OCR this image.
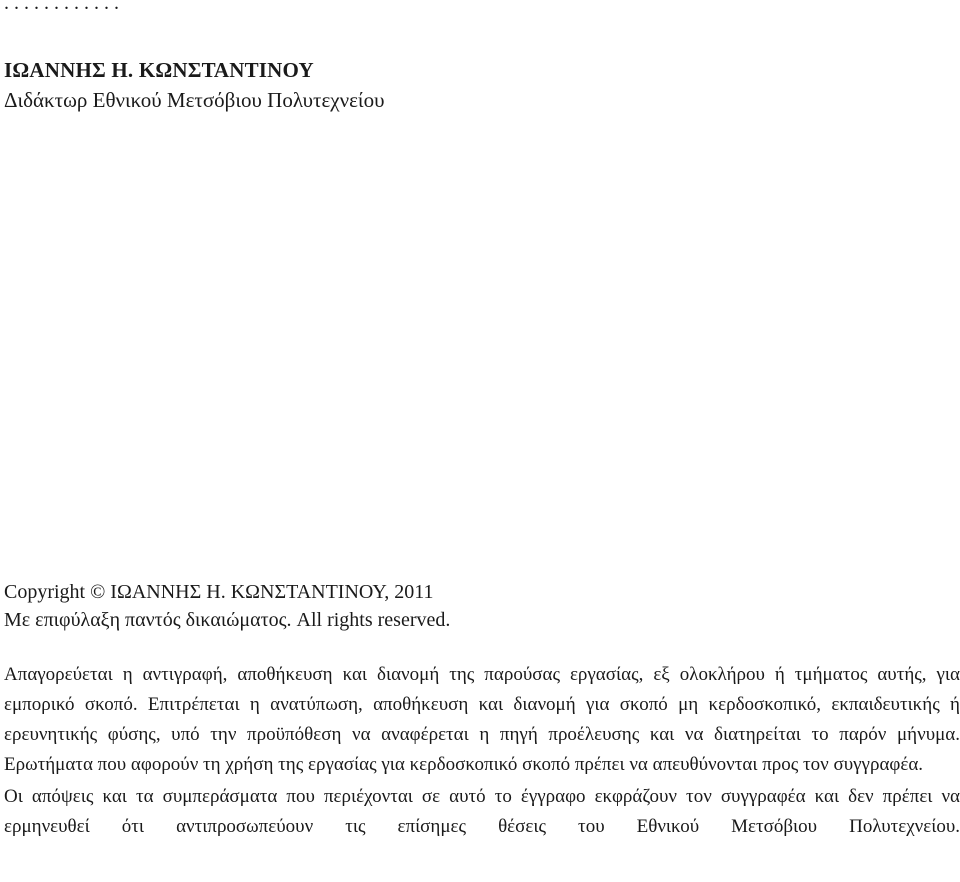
............
ΙΩΑΝΝΗΣ Η. ΚΩΝΣΤΑΝΤΙΝΟΥ
Διδάκτωρ Εθνικού Μετσόβιου Πολυτεχνείου
Copyright © ΙΩΑΝΝΗΣ Η. ΚΩΝΣΤΑΝΤΙΝΟΥ, 2011
Με επιφύλαξη παντός δικαιώματος. All rights reserved.

Απαγορεύεται η αντιγραφή, αποθήκευση και διανομή της παρούσας εργασίας, εξ ολοκλήρου ή τμήματος αυτής, για εμπορικό σκοπό. Επιτρέπεται η ανατύπωση, αποθήκευση και διανομή για σκοπό μη κερδοσκοπικό, εκπαιδευτικής ή ερευνητικής φύσης, υπό την προϋπόθεση να αναφέρεται η πηγή προέλευσης και να διατηρείται το παρόν μήνυμα. Ερωτήματα που αφορούν τη χρήση της εργασίας για κερδοσκοπικό σκοπό πρέπει να απευθύνονται προς τον συγγραφέα.

Οι απόψεις και τα συμπεράσματα που περιέχονται σε αυτό το έγγραφο εκφράζουν τον συγγραφέα και δεν πρέπει να ερμηνευθεί ότι αντιπροσωπεύουν τις επίσημες θέσεις του Εθνικού Μετσόβιου Πολυτεχνείου.
